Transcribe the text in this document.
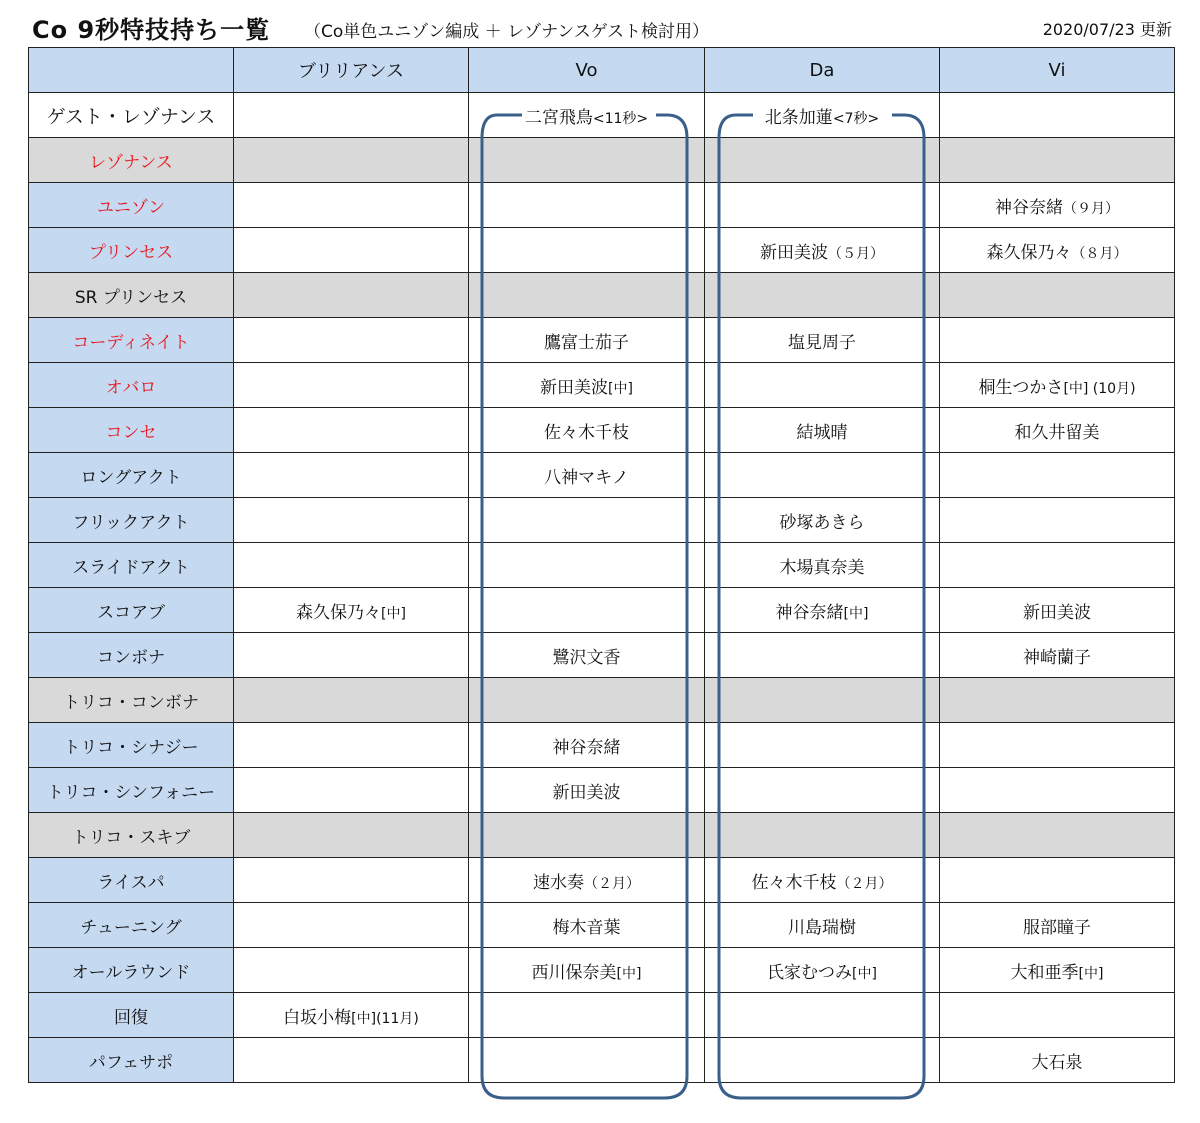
Co 9秒特技持ち一覧 （Co単色ユニゾン編成 ＋ レゾナンスゲスト検討用）	2020/07/23 更新
	ブリリアンス	Vo	Da	Vi
ゲスト・レゾナンス		二宮飛鳥<11秒>	北条加蓮<7秒>	
レゾナンス				
ユニゾン				神谷奈緒（９月）
プリンセス			新田美波（５月）	森久保乃々（８月）
SR プリンセス				
コーディネイト		鷹富士茄子	塩見周子	
オバロ		新田美波[中]		桐生つかさ[中] (10月)
コンセ		佐々木千枝	結城晴	和久井留美
ロングアクト		八神マキノ		
フリックアクト			砂塚あきら	
スライドアクト			木場真奈美	
スコアブ	森久保乃々[中]		神谷奈緒[中]	新田美波
コンボナ		鷺沢文香		神崎蘭子
トリコ・コンボナ				
トリコ・シナジー		神谷奈緒		
トリコ・シンフォニー		新田美波		
トリコ・スキブ				
ライスパ		速水奏（２月）	佐々木千枝（２月）	
チューニング		梅木音葉	川島瑞樹	服部瞳子
オールラウンド		西川保奈美[中]	氏家むつみ[中]	大和亜季[中]
回復	白坂小梅[中](11月)			
パフェサポ				大石泉
